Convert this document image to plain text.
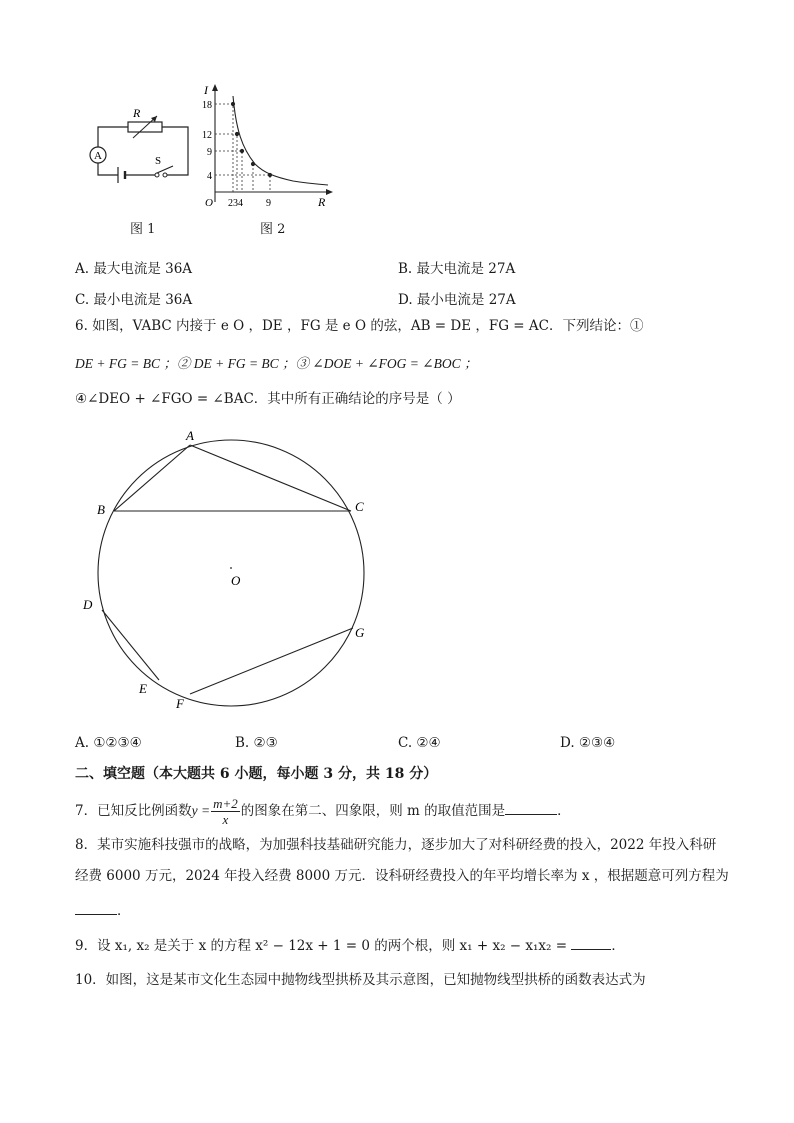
R
A	S
图 1
I
18
12
9
4
O 234 9	R
图 2
A. 最大电流是 36A	B. 最大电流是 27A
C. 最小电流是 36A	D. 最小电流是 27A
6. 如图，VABC 内接于 e O ，DE ，FG 是 e O 的弦，AB = DE ，FG = AC．下列结论：①
DE + FG = BC ；② DE + FG = BC ；③ ∠DOE + ∠FOG = ∠BOC ；
④∠DEO + ∠FGO = ∠BAC．其中所有正确结论的序号是（ ）
A
B	C
D
E
F
G
O
A. ①②③④	B. ②③	C. ②④	D. ②③④
二、填空题（本大题共 6 小题，每小题 3 分，共 18 分）
7．已知反比例函数$y = \frac{m+2}{x}$ 的图象在第二、四象限，则 m 的取值范围是	．
8．某市实施科技强市的战略，为加强科技基础研究能力，逐步加大了对科研经费的投入，2022 年投入科研
经费 6000 万元，2024 年投入经费 8000 万元．设科研经费投入的年平均增长率为 x ，根据题意可列方程为
．
9．设 x₁, x₂ 是关于 x 的方程 x² − 12x + 1 = 0 的两个根，则 x₁ + x₂ − x₁x₂ =	．
10．如图，这是某市文化生态园中抛物线型拱桥及其示意图，已知抛物线型拱桥的函数表达式为
